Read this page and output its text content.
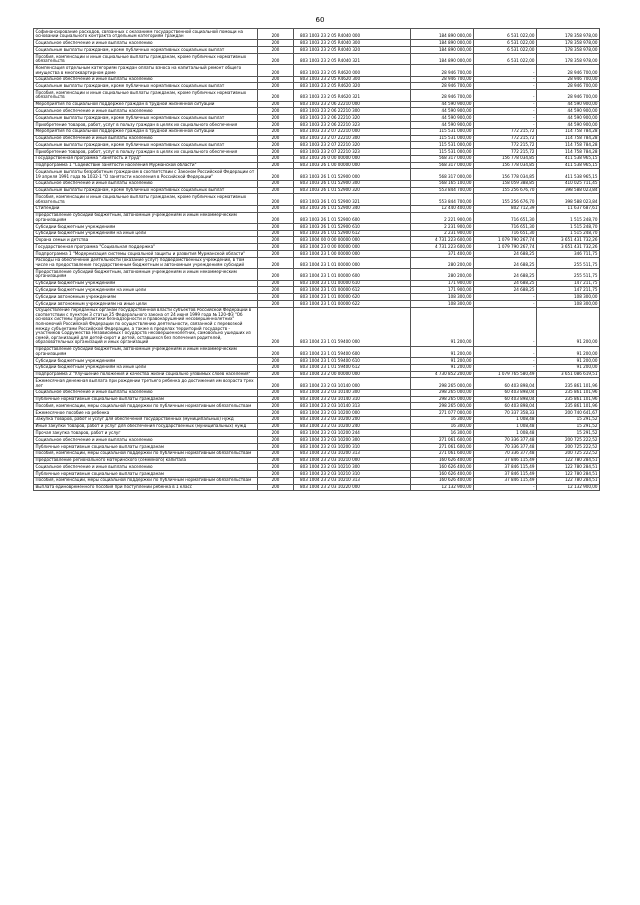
60
Софинансирование расходов, связанных с оказанием государственной социальной помощи на основании социального контракта отдельным категориям граждан	200	803 1003 23 2 05 R4040 000	184 890 000,00	6 531 022,00	178 358 978,00
Социальное обеспечение и иные выплаты населению	200	803 1003 23 2 05 R4040 300	184 890 000,00	6 531 022,00	178 358 978,00
Социальные выплаты гражданам, кроме публичных нормативных социальных выплат	200	803 1003 23 2 05 R4040 320	184 890 000,00	6 531 022,00	178 358 978,00
Пособия, компенсации и иные социальные выплаты гражданам, кроме публичных нормативных обязательств	200	803 1003 23 2 05 R4040 321	184 890 000,00	6 531 022,00	178 358 978,00
Компенсация отдельным категориям граждан оплаты взноса на капитальный ремонт общего имущества в многоквартирном доме	200	803 1003 23 2 05 R4620 000	28 946 700,00	-	28 946 700,00
Социальное обеспечение и иные выплаты населению	200	803 1003 23 2 05 R4620 300	28 946 700,00	-	28 946 700,00
Социальные выплаты гражданам, кроме публичных нормативных социальных выплат	200	803 1003 23 2 05 R4620 320	28 946 700,00	-	28 946 700,00
Пособия, компенсации и иные социальные выплаты гражданам, кроме публичных нормативных обязательств	200	803 1003 23 2 05 R4620 321	28 946 700,00	-	28 946 700,00
Мероприятия по социальной поддержке граждан в трудной жизненной ситуации	200	803 1003 23 2 06 22210 000	44 590 900,00	-	44 590 900,00
Социальное обеспечение и иные выплаты населению	200	803 1003 23 2 06 22210 300	44 590 900,00	-	44 590 900,00
Социальные выплаты гражданам, кроме публичных нормативных социальных выплат	200	803 1003 23 2 06 22210 320	44 590 900,00	-	44 590 900,00
Приобретение товаров, работ, услуг в пользу граждан в целях их социального обеспечения	200	803 1003 23 2 06 22210 323	44 590 900,00	-	44 590 900,00
Мероприятия по социальной поддержке граждан в трудной жизненной ситуации	200	803 1003 23 2 07 22210 000	115 531 000,00	772 215,72	114 758 784,28
Социальное обеспечение и иные выплаты населению	200	803 1003 23 2 07 22210 300	115 531 000,00	772 215,72	114 758 784,28
Социальные выплаты гражданам, кроме публичных нормативных социальных выплат	200	803 1003 23 2 07 22210 320	115 531 000,00	772 215,72	114 758 784,28
Приобретение товаров, работ, услуг в пользу граждан в целях их социального обеспечения	200	803 1003 23 2 07 22210 323	115 531 000,00	772 215,72	114 758 784,28
Государственная программа "Занятость и труд"	200	803 1003 26 0 00 00000 000	568 317 000,00	156 778 034,85	411 538 965,15
Подпрограмма 1 "Содействие занятости населения Мурманской области"	200	803 1003 26 1 00 00000 000	568 317 000,00	156 778 034,85	411 538 965,15
Социальные выплаты безработным гражданам в соответствии с Законом Российской Федерации от 19 апреля 1991 года № 1032-1 "О занятости населения в Российской Федерации"	200	803 1003 26 1 01 52900 000	568 317 000,00	156 778 034,85	411 538 965,15
Социальное обеспечение и иные выплаты населению	200	803 1003 26 1 01 52900 300	568 165 100,00	158 059 388,85	410 025 711,45
Социальные выплаты гражданам, кроме публичных нормативных социальных выплат	200	803 1003 26 1 01 52900 320	553 844 700,00	155 256 676,70	398 588 023,84
Пособия, компенсации и иные социальные выплаты гражданам, кроме публичных нормативных обязательств	200	803 1003 26 1 01 52900 321	553 844 700,00	155 256 676,70	398 588 023,84
Стипендии	200	803 1003 26 1 01 52900 340	12 440 400,00	802 712,39	11 637 687,61
Предоставление субсидий бюджетным, автономным учреждениям и иным некоммерческим организациям	200	803 1003 26 1 01 52900 600	2 221 900,00	716 651,30	1 515 248,70
Субсидии бюджетным учреждениям	200	803 1003 26 1 01 52900 610	2 231 900,00	716 651,30	1 515 248,70
Субсидии бюджетным учреждениям на иные цели	200	803 1003 26 1 01 52900 612	2 231 900,00	716 651,30	1 515 248,70
Охрана семьи и детства	200	803 1004 00 0 00 00000 000	4 731 223 600,00	1 079 790 267,74	3 651 431 732,26
Государственная программа "Социальная поддержка"	200	803 1004 23 0 00 00000 000	4 731 223 600,00	1 079 790 267,74	3 651 431 732,26
Подпрограмма 1 "Модернизация системы социальной защиты и развития Мурманской области"	200	803 1004 23 1 00 00000 000	371 400,00	24 688,25	346 711,75
Расходы на обеспечение деятельности (оказание услуг) подведомственных учреждений, в том числе на предоставление государственным бюджетным и автономным учреждениям субсидий	200	803 1004 23 1 01 00000 000	280 200,00	24 688,25	255 511,75
Предоставление субсидий бюджетным, автономным учреждениям и иным некоммерческим организациям	200	803 1004 23 1 01 00000 600	280 200,00	24 688,25	255 511,75
Субсидии бюджетным учреждениям	200	803 1004 23 1 01 00000 610	171 900,00	24 688,25	147 211,75
Субсидии бюджетным учреждениям на иные цели	200	803 1004 23 1 01 00000 612	171 900,00	24 688,25	147 211,75
Субсидии автономным учреждениям	200	803 1004 23 1 01 00000 620	108 300,00	-	108 300,00
Субсидии автономным учреждениям на иные цели	200	803 1004 23 1 01 00000 622	108 300,00	-	108 300,00
Осуществление переданных органам государственной власти субъектов Российской Федерации в соответствии с пунктом 3 статьи 25 Федерального закона от 24 июня 1999 года № 120-ФЗ "Об основах системы профилактики безнадзорности и правонарушений несовершеннолетних" полномочий Российской Федерации по осуществлению деятельности, связанной с перевозкой между субъектами Российской Федерации, а также в пределах территорий государств - участников Содружества Независимых Государств несовершеннолетних, самовольно ушедших из семей, организаций для детей-сирот и детей, оставшихся без попечения родителей, образовательных организаций и иных организаций	200	803 1004 23 1 01 59400 000	91 200,00	-	91 200,00
Предоставление субсидий бюджетным, автономным учреждениям и иным некоммерческим организациям	200	803 1004 23 1 01 59400 600	91 200,00	-	91 200,00
Субсидии бюджетным учреждениям	200	803 1004 23 1 01 59400 610	91 200,00	-	91 200,00
Субсидии бюджетным учреждениям на иные цели	200	803 1004 23 1 01 59400 612	91 200,00	-	91 200,00
Подпрограмма 2 "Улучшение положения и качества жизни социально уязвимых слоев населения"	200	803 1004 23 2 00 00000 000	4 730 852 200,00	1 079 765 580,49	3 651 086 619,51
Ежемесячная денежная выплата при рождении третьего ребенка до достижения им возраста трех лет	200	803 1004 23 2 03 10140 000	298 265 000,00	60 403 898,04	235 861 101,96
Социальное обеспечение и иные выплаты населению	200	803 1004 23 2 03 10140 300	298 265 000,00	60 403 898,04	235 861 101,96
Публичные нормативные социальные выплаты гражданам	200	803 1004 23 2 03 10140 310	298 265 000,00	60 403 898,04	235 861 101,96
Пособия, компенсации, меры социальной поддержки по публичным нормативным обязательствам	200	803 1004 23 2 03 10140 313	298 265 000,00	60 403 898,04	235 861 101,96
Ежемесячное пособие на ребенка	200	803 1004 23 2 03 10200 000	271 077 000,00	70 337 358,33	200 740 641,67
Закупка товаров, работ и услуг для обеспечения государственных (муниципальных) нужд	200	803 1004 23 2 03 10200 200	16 300,00	1 008,48	15 291,52
Иные закупки товаров, работ и услуг для обеспечения государственных (муниципальных) нужд	200	803 1004 23 2 03 10200 240	16 300,00	1 008,48	15 291,52
Прочая закупка товаров, работ и услуг	200	803 1004 23 2 03 10200 244	16 300,00	1 008,48	15 291,52
Социальное обеспечение и иные выплаты населению	200	803 1004 23 2 03 10200 300	271 061 600,00	70 336 377,48	200 725 222,52
Публичные нормативные социальные выплаты гражданам	200	803 1004 23 2 03 10200 310	271 061 600,00	70 336 377,48	200 725 222,52
Пособия, компенсации, меры социальной поддержки по публичным нормативным обязательствам	200	803 1004 23 2 03 10200 313	271 061 600,00	70 336 377,48	200 725 222,52
Предоставление регионального материнского (семейного) капитала	200	803 1004 23 2 03 10210 000	160 626 400,00	37 846 115,49	122 780 284,51
Социальное обеспечение и иные выплаты населению	200	803 1004 23 2 03 10210 300	160 626 400,00	37 846 115,49	122 780 284,51
Публичные нормативные социальные выплаты гражданам	200	803 1004 23 2 03 10210 310	160 626 400,00	37 846 115,49	122 780 284,51
Пособия, компенсации, меры социальной поддержки по публичным нормативным обязательствам	200	803 1004 23 2 03 10210 313	160 626 400,00	37 846 115,49	122 780 284,51
Выплата единовременного пособия при поступлении ребенка в 1 класс	200	803 1004 23 2 03 10220 000	12 132 900,00	-	12 132 900,00
